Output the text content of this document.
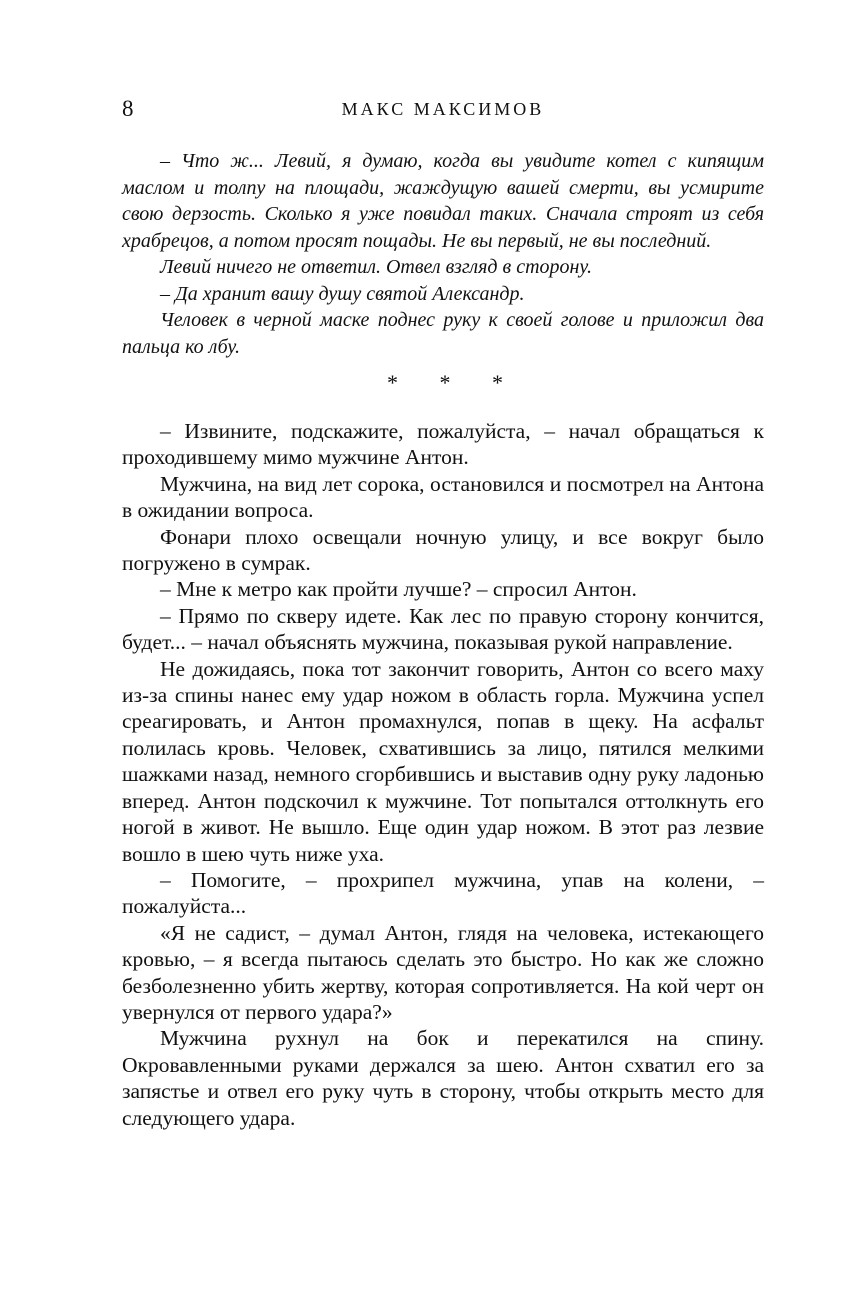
8	МАКС МАКСИМОВ

– Что ж... Левий, я думаю, когда вы увидите котел с кипящим маслом и толпу на площади, жаждущую вашей смерти, вы усмирите свою дерзость. Сколько я уже повидал таких. Сначала строят из себя храбрецов, а потом просят пощады. Не вы первый, не вы последний.

Левий ничего не ответил. Отвел взгляд в сторону.

– Да хранит вашу душу святой Александр.

Человек в черной маске поднес руку к своей голове и приложил два пальца ко лбу.

* * *

– Извините, подскажите, пожалуйста, – начал обращаться к проходившему мимо мужчине Антон.

Мужчина, на вид лет сорока, остановился и посмотрел на Антона в ожидании вопроса.

Фонари плохо освещали ночную улицу, и все вокруг было погружено в сумрак.

– Мне к метро как пройти лучше? – спросил Антон.

– Прямо по скверу идете. Как лес по правую сторону кончится, будет... – начал объяснять мужчина, показывая рукой направление.

Не дожидаясь, пока тот закончит говорить, Антон со всего маху из-за спины нанес ему удар ножом в область горла. Мужчина успел среагировать, и Антон промахнулся, попав в щеку. На асфальт полилась кровь. Человек, схватившись за лицо, пятился мелкими шажками назад, немного сгорбившись и выставив одну руку ладонью вперед. Антон подскочил к мужчине. Тот попытался оттолкнуть его ногой в живот. Не вышло. Еще один удар ножом. В этот раз лезвие вошло в шею чуть ниже уха.

– Помогите, – прохрипел мужчина, упав на колени, – пожалуйста...

«Я не садист, – думал Антон, глядя на человека, истекающего кровью, – я всегда пытаюсь сделать это быстро. Но как же сложно безболезненно убить жертву, которая сопротивляется. На кой черт он увернулся от первого удара?»

Мужчина рухнул на бок и перекатился на спину. Окровавленными руками держался за шею. Антон схватил его за запястье и отвел его руку чуть в сторону, чтобы открыть место для следующего удара.
